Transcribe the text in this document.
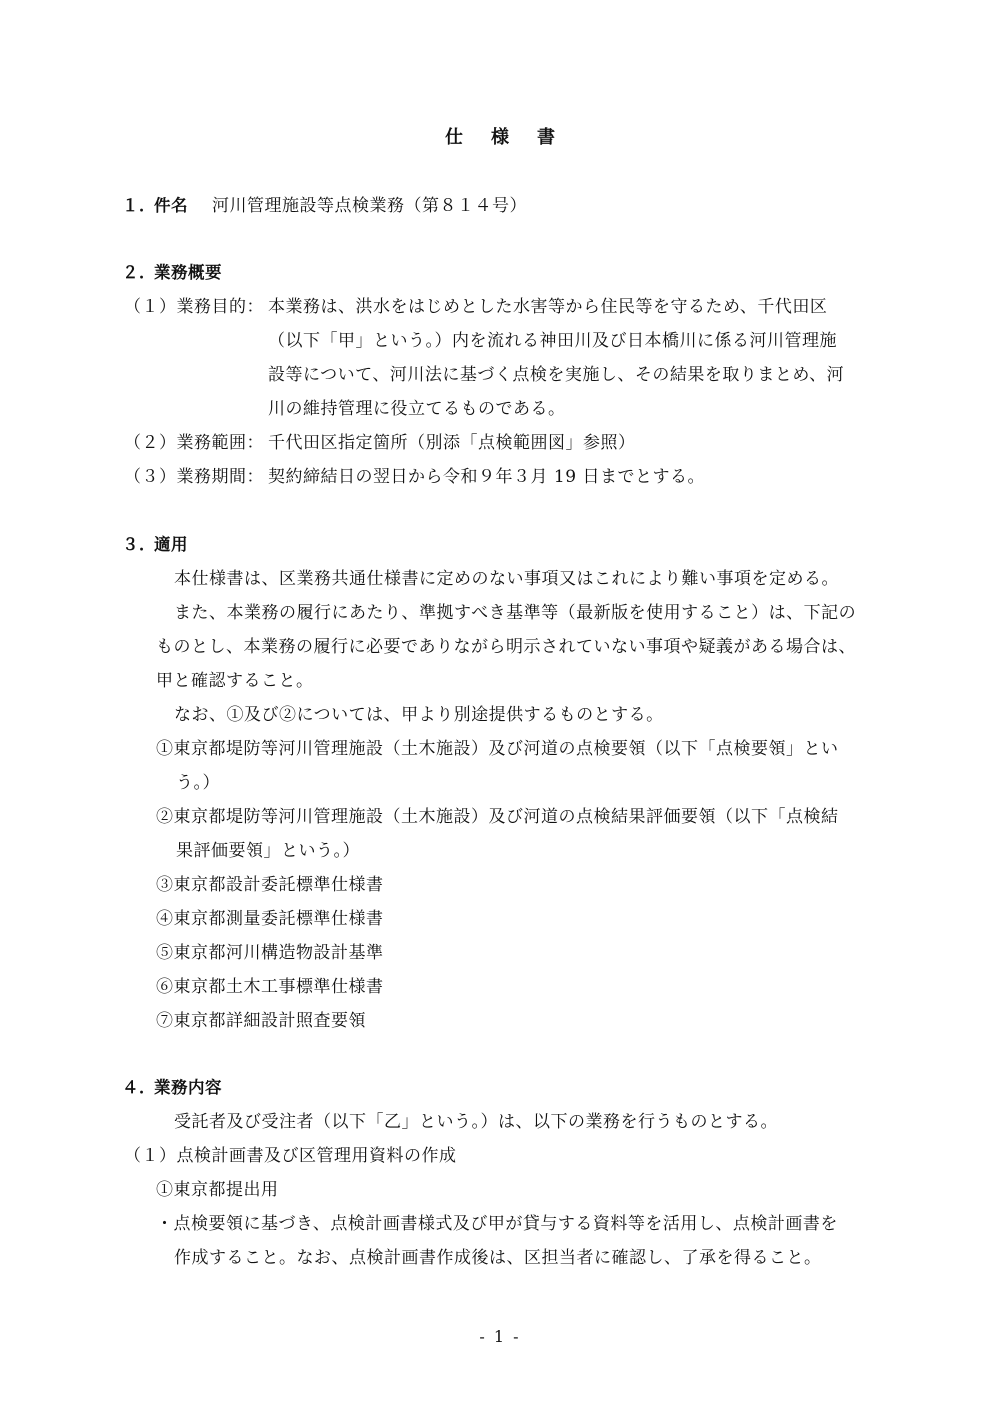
仕様書
１．件名 河川管理施設等点検業務（第８１４号）
２．業務概要
（１）業務目的： 本業務は、洪水をはじめとした水害等から住民等を守るため、千代田区
（以下「甲」という。）内を流れる神田川及び日本橋川に係る河川管理施
設等について、河川法に基づく点検を実施し、その結果を取りまとめ、河
川の維持管理に役立てるものである。
（２）業務範囲： 千代田区指定箇所（別添「点検範囲図」参照）
（３）業務期間： 契約締結日の翌日から令和９年３月 19 日までとする。
３．適用
本仕様書は、区業務共通仕様書に定めのない事項又はこれにより難い事項を定める。
また、本業務の履行にあたり、準拠すべき基準等（最新版を使用すること）は、下記の
ものとし、本業務の履行に必要でありながら明示されていない事項や疑義がある場合は、
甲と確認すること。
なお、①及び②については、甲より別途提供するものとする。
①東京都堤防等河川管理施設（土木施設）及び河道の点検要領（以下「点検要領」とい
う。）
②東京都堤防等河川管理施設（土木施設）及び河道の点検結果評価要領（以下「点検結
果評価要領」という。）
③東京都設計委託標準仕様書
④東京都測量委託標準仕様書
⑤東京都河川構造物設計基準
⑥東京都土木工事標準仕様書
⑦東京都詳細設計照査要領
４．業務内容
受託者及び受注者（以下「乙」という。）は、以下の業務を行うものとする。
（１）点検計画書及び区管理用資料の作成
①東京都提出用
・点検要領に基づき、点検計画書様式及び甲が貸与する資料等を活用し、点検計画書を
作成すること。なお、点検計画書作成後は、区担当者に確認し、了承を得ること。
- 1 -
